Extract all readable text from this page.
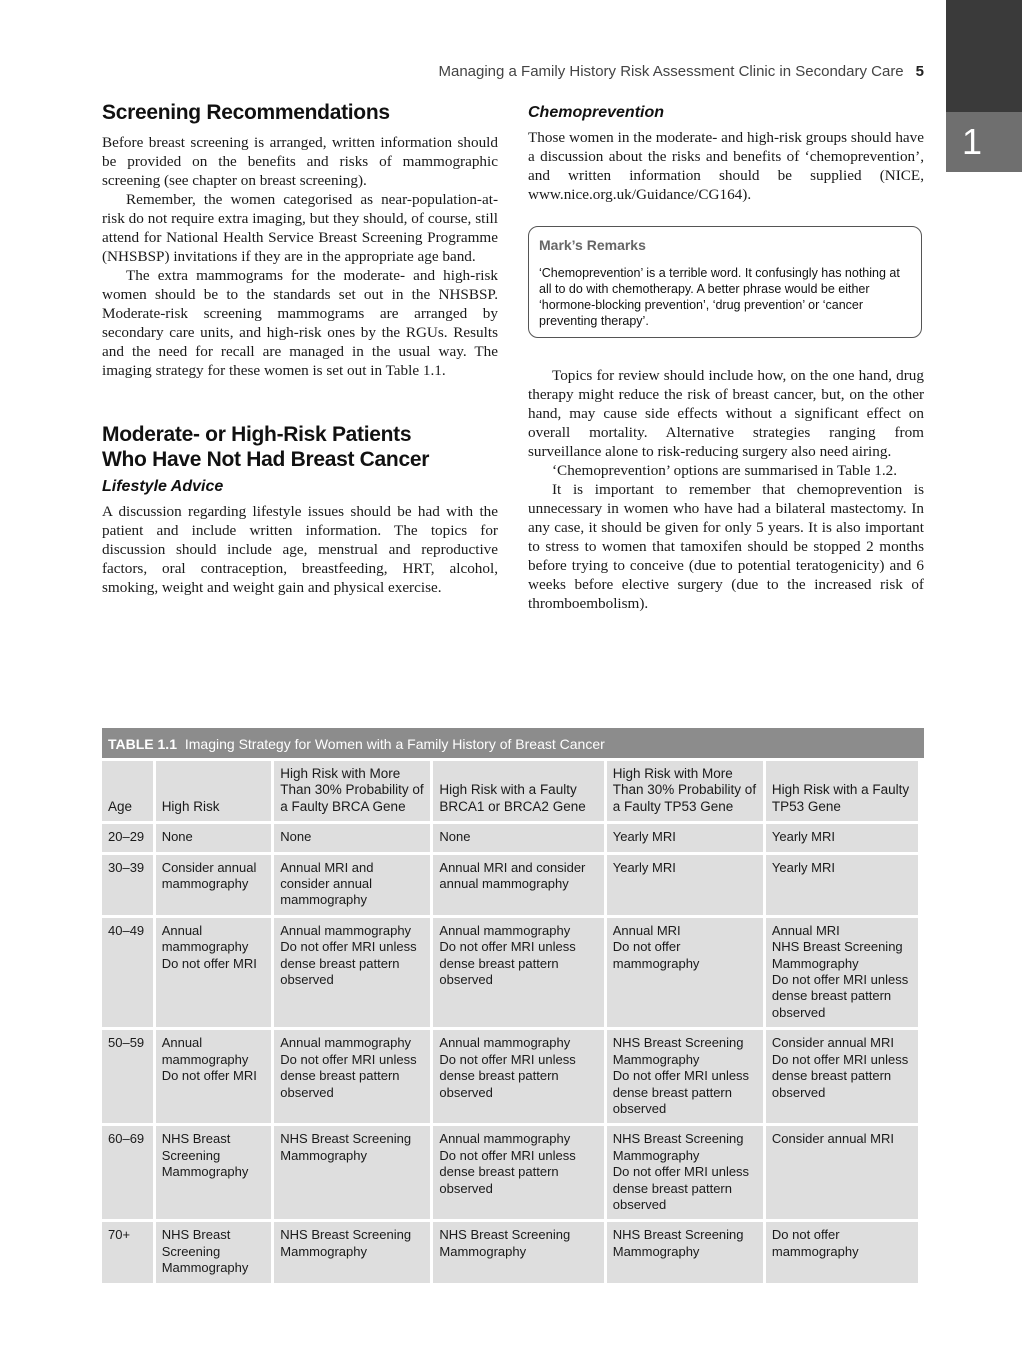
1
Managing a Family History Risk Assessment Clinic in Secondary Care 5
Screening Recommendations

Before breast screening is arranged, written information should be provided on the benefits and risks of mammographic screening (see chapter on breast screening).

Remember, the women categorised as near-population-at-risk do not require extra imaging, but they should, of course, still attend for National Health Service Breast Screening Programme (NHSBSP) invitations if they are in the appropriate age band.

The extra mammograms for the moderate- and high-risk women should be to the standards set out in the NHSBSP. Moderate-risk screening mammograms are arranged by secondary care units, and high-risk ones by the RGUs. Results and the need for recall are managed in the usual way. The imaging strategy for these women is set out in Table 1.1.

Moderate- or High-Risk Patients
Who Have Not Had Breast Cancer
Lifestyle Advice

A discussion regarding lifestyle issues should be had with the patient and include written information. The topics for discussion should include age, menstrual and reproductive factors, oral contraception, breastfeeding, HRT, alcohol, smoking, weight and weight gain and physical exercise.

Chemoprevention

Those women in the moderate- and high-risk groups should have a discussion about the risks and benefits of ‘chemoprevention’, and written information should be supplied (NICE, www.nice.org.uk/Guidance/CG164).

Mark’s Remarks
‘Chemoprevention’ is a terrible word. It confusingly has nothing at all to do with chemotherapy. A better phrase would be either ‘hormone-blocking prevention’, ‘drug prevention’ or ‘cancer preventing therapy’.

Topics for review should include how, on the one hand, drug therapy might reduce the risk of breast cancer, but, on the other hand, may cause side effects without a significant effect on overall mortality. Alternative strategies ranging from surveillance alone to risk-reducing surgery also need airing.

‘Chemoprevention’ options are summarised in Table 1.2.

It is important to remember that chemoprevention is unnecessary in women who have had a bilateral mastectomy. In any case, it should be given for only 5 years. It is also important to stress to women that tamoxifen should be stopped 2 months before trying to conceive (due to potential teratogenicity) and 6 weeks before elective surgery (due to the increased risk of thromboembolism).

TABLE 1.1 Imaging Strategy for Women with a Family History of Breast Cancer
Age	High Risk	High Risk with More Than 30% Probability of a Faulty BRCA Gene	High Risk with a Faulty BRCA1 or BRCA2 Gene	High Risk with More Than 30% Probability of a Faulty TP53 Gene	High Risk with a Faulty TP53 Gene

20–29	None	None	None	Yearly MRI	Yearly MRI

30–39	Consider annual mammography	Annual MRI and consider annual mammography	Annual MRI and consider annual mammography	Yearly MRI	Yearly MRI

40–49	Annual mammography
Do not offer MRI	Annual mammography
Do not offer MRI unless dense breast pattern observed	Annual mammography
Do not offer MRI unless dense breast pattern observed	Annual MRI
Do not offer mammography	Annual MRI
NHS Breast Screening Mammography
Do not offer MRI unless dense breast pattern observed

50–59	Annual mammography
Do not offer MRI	Annual mammography
Do not offer MRI unless dense breast pattern observed	Annual mammography
Do not offer MRI unless dense breast pattern observed	NHS Breast Screening Mammography
Do not offer MRI unless dense breast pattern observed	Consider annual MRI
Do not offer MRI unless dense breast pattern observed

60–69	NHS Breast Screening Mammography	NHS Breast Screening Mammography	Annual mammography
Do not offer MRI unless dense breast pattern observed	NHS Breast Screening Mammography
Do not offer MRI unless dense breast pattern observed	Consider annual MRI

70+	NHS Breast Screening Mammography	NHS Breast Screening Mammography	NHS Breast Screening Mammography	NHS Breast Screening Mammography	Do not offer mammography
